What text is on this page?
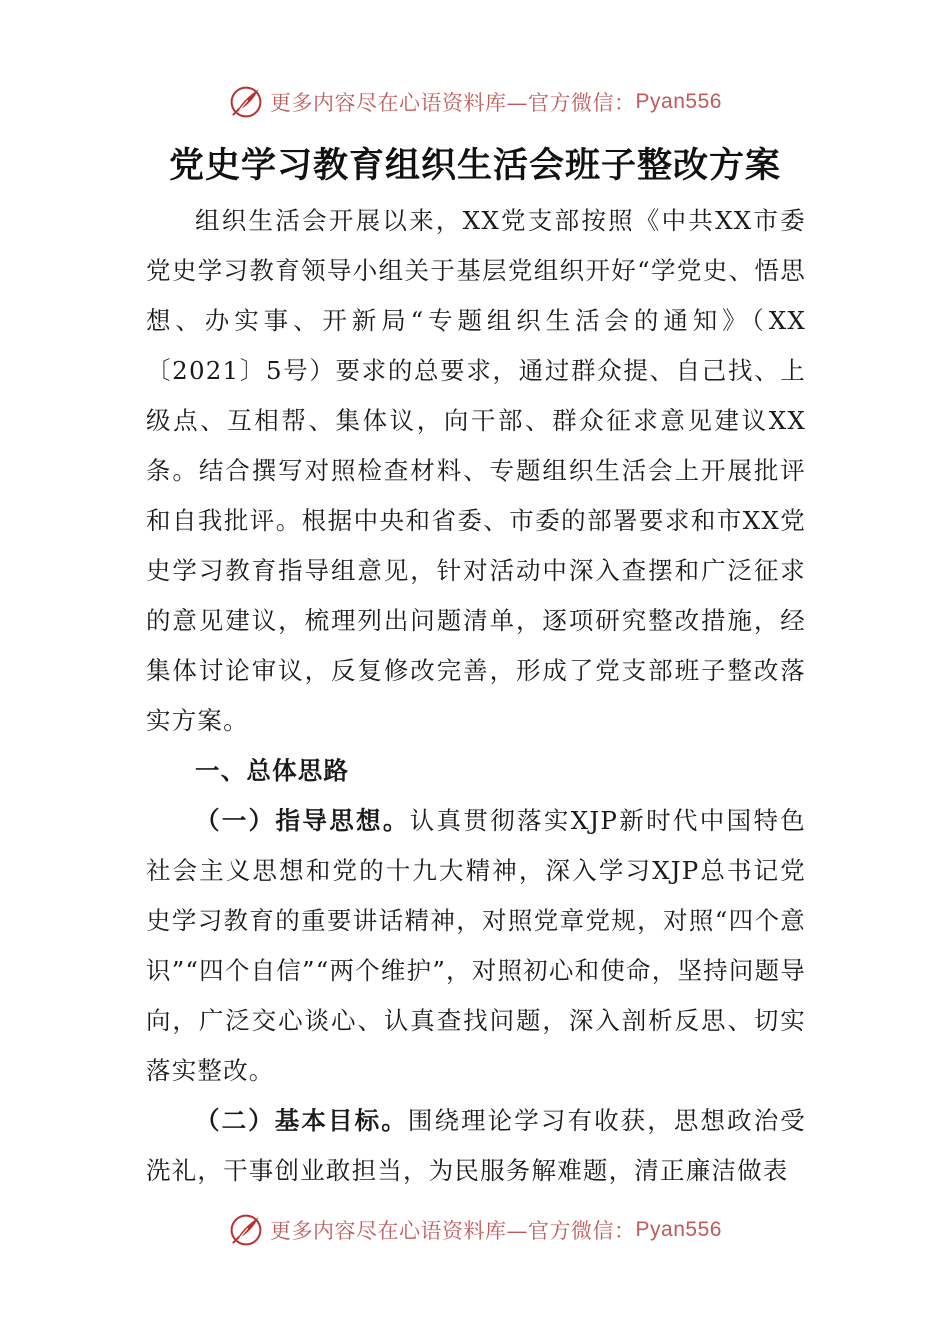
更多内容尽在心语资料库—官方微信： Pyan556
党史学习教育组织生活会班子整改方案

组织生活会开展以来，XX党支部按照《中共XX市委党史学习教育领导小组关于基层党组织开好“学党史、悟思想、办实事、开新局“专题组织生活会的通知》（XX〔2021〕5号）要求的总要求，通过群众提、自己找、上级点、互相帮、集体议，向干部、群众征求意见建议XX条。结合撰写对照检查材料、专题组织生活会上开展批评和自我批评。根据中央和省委、市委的部署要求和市XX党史学习教育指导组意见，针对活动中深入查摆和广泛征求的意见建议，梳理列出问题清单，逐项研究整改措施，经集体讨论审议，反复修改完善，形成了党支部班子整改落实方案。

一、总体思路

（一）指导思想。认真贯彻落实XJP新时代中国特色社会主义思想和党的十九大精神，深入学习XJP总书记党史学习教育的重要讲话精神，对照党章党规，对照“四个意识”“四个自信”“两个维护”，对照初心和使命，坚持问题导向，广泛交心谈心、认真查找问题，深入剖析反思、切实落实整改。

（二）基本目标。围绕理论学习有收获，思想政治受洗礼，干事创业敢担当，为民服务解难题，清正廉洁做表

更多内容尽在心语资料库—官方微信： Pyan556
